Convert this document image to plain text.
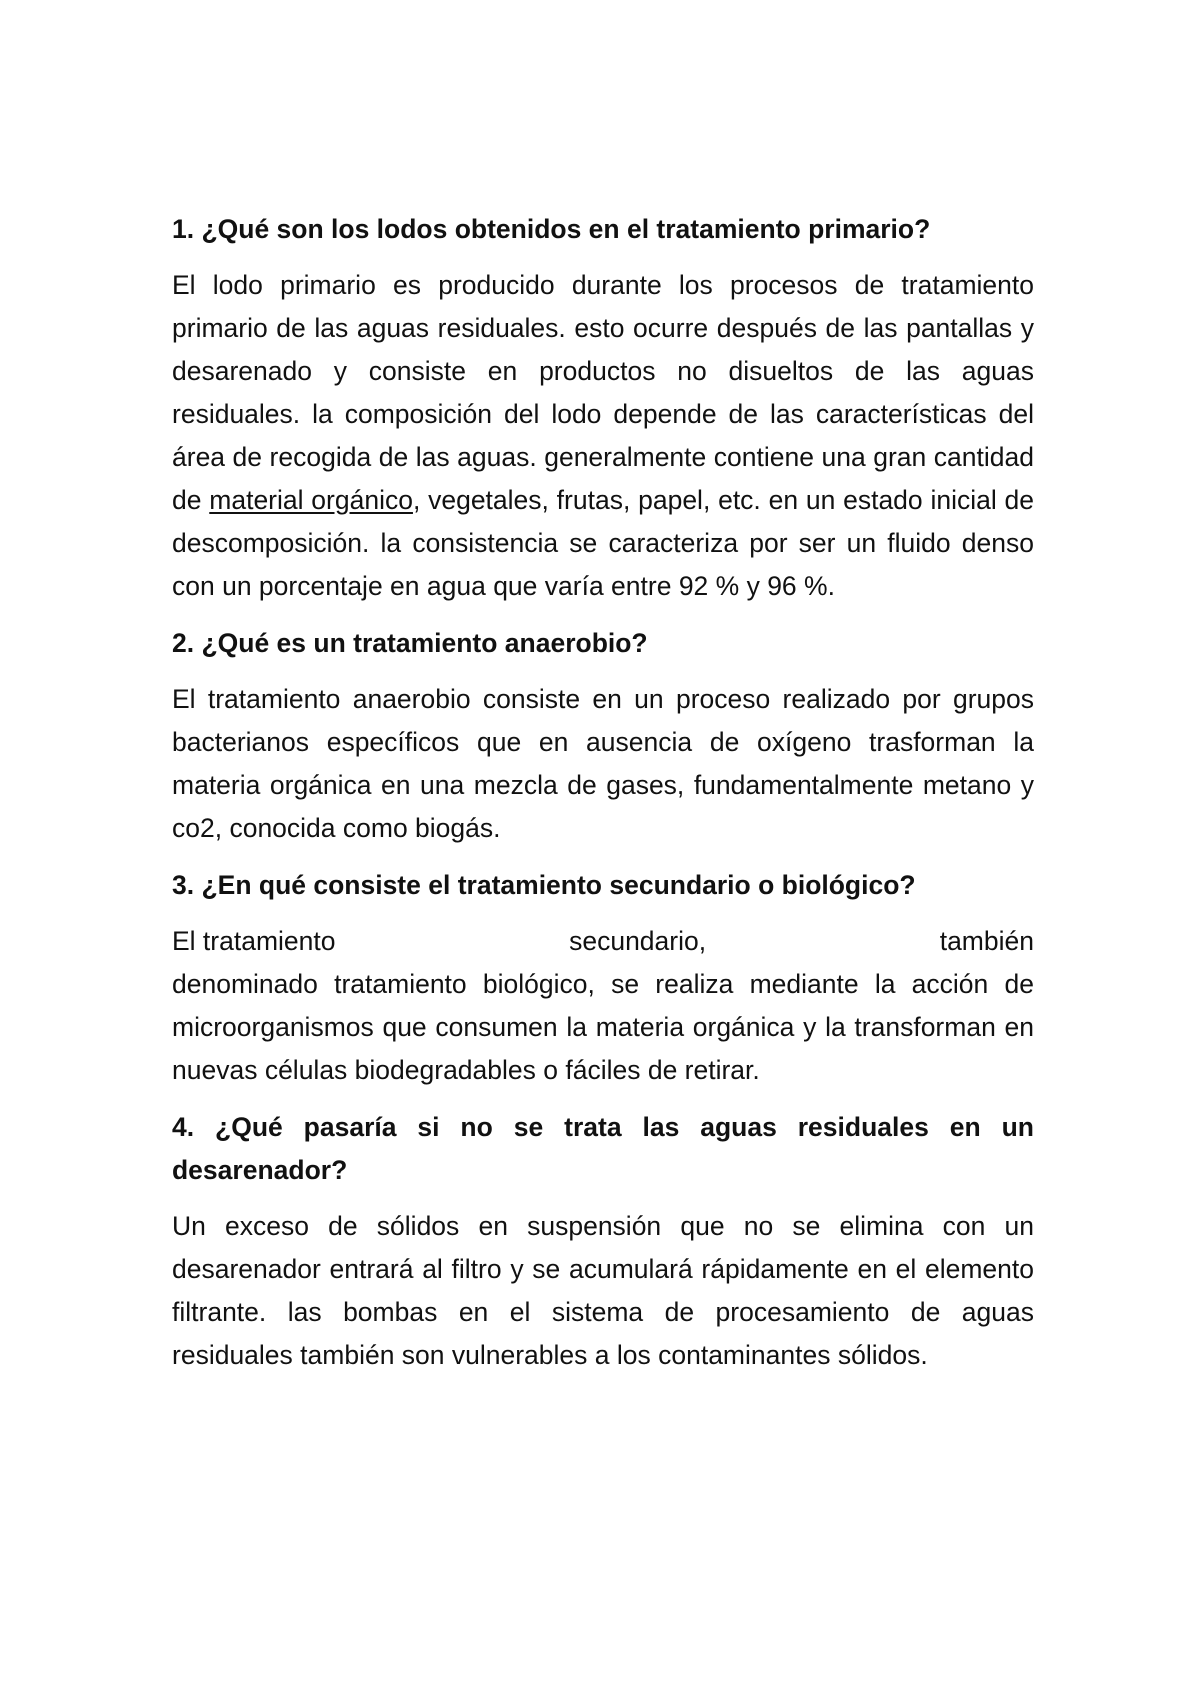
1. ¿Qué son los lodos obtenidos en el tratamiento primario?

El lodo primario es producido durante los procesos de tratamiento primario de las aguas residuales. esto ocurre después de las pantallas y desarenado y consiste en productos no disueltos de las aguas residuales. la composición del lodo depende de las características del área de recogida de las aguas. generalmente contiene una gran cantidad de material orgánico, vegetales, frutas, papel, etc. en un estado inicial de descomposición. la consistencia se caracteriza por ser un fluido denso con un porcentaje en agua que varía entre 92 % y 96 %.

2. ¿Qué es un tratamiento anaerobio?

El tratamiento anaerobio consiste en un proceso realizado por grupos bacterianos específicos que en ausencia de oxígeno trasforman la materia orgánica en una mezcla de gases, fundamentalmente metano y co2, conocida como biogás.

3. ¿En qué consiste el tratamiento secundario o biológico?

El tratamiento	secundario,	también
denominado tratamiento biológico, se realiza mediante la acción de microorganismos que consumen la materia orgánica y la transforman en nuevas células biodegradables o fáciles de retirar.

4. ¿Qué pasaría si no se trata las aguas residuales en un desarenador?

Un exceso de sólidos en suspensión que no se elimina con un desarenador entrará al filtro y se acumulará rápidamente en el elemento filtrante. las bombas en el sistema de procesamiento de aguas residuales también son vulnerables a los contaminantes sólidos.
